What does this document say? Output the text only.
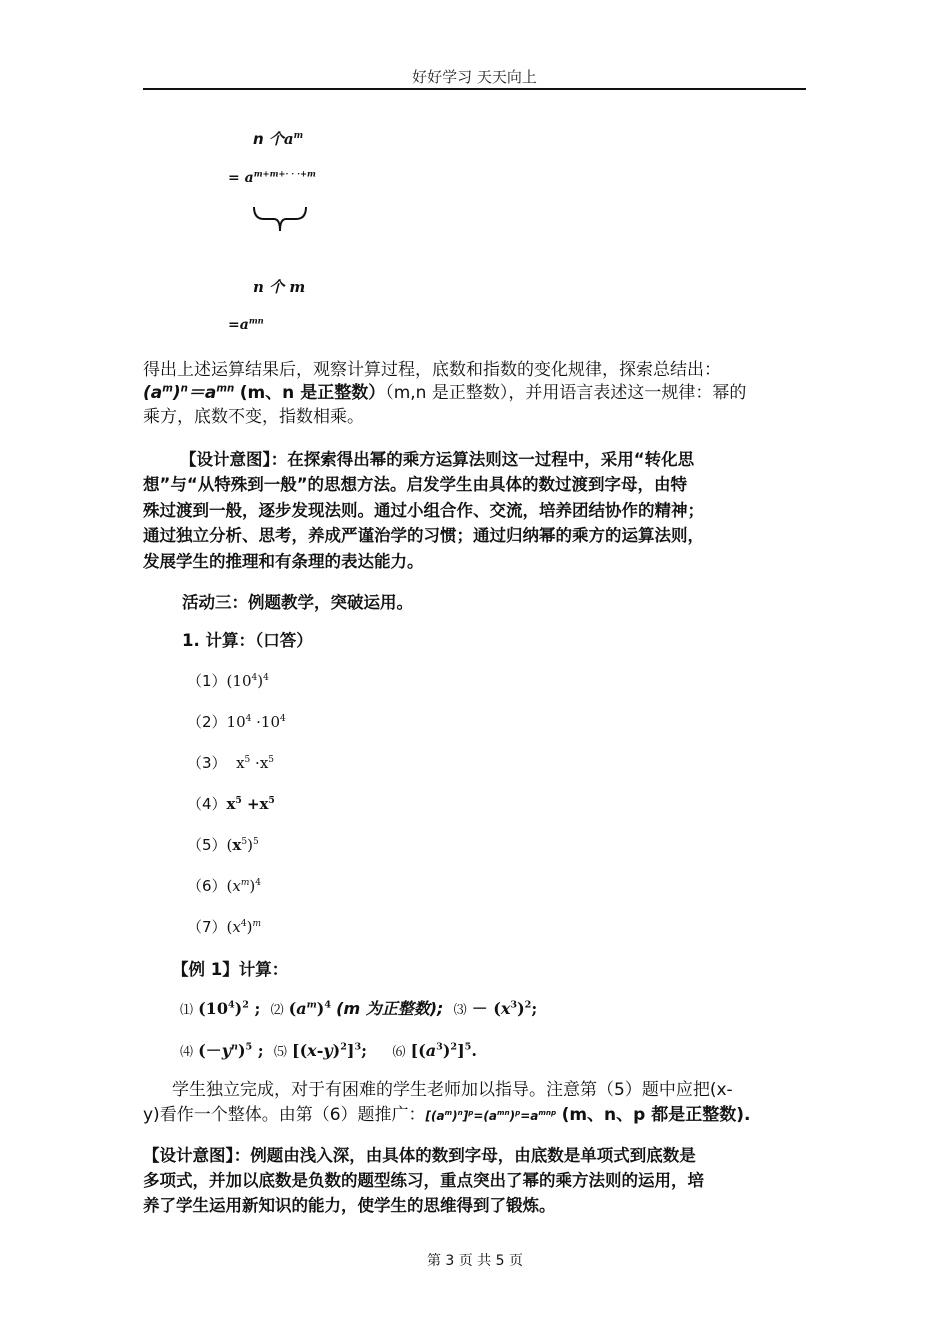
好好学习 天天向上
n 个$a^m$
= $a^{m+m+\cdot \cdot \cdot+m}$
n 个 m
$=a^{mn}$
得出上述运算结果后，观察计算过程，底数和指数的变化规律，探索总结出：
$(a^m)^n=a^{mn}$ (m、n 是正整数）（m,n 是正整数），并用语言表述这一规律：幂的
乘方，底数不变，指数相乘。
【设计意图】：在探索得出幂的乘方运算法则这一过程中，采用“转化思
想”与“从特殊到一般”的思想方法。启发学生由具体的数过渡到字母，由特
殊过渡到一般，逐步发现法则。通过小组合作、交流，培养团结协作的精神；
通过独立分析、思考，养成严谨治学的习惯；通过归纳幂的乘方的运算法则，
发展学生的推理和有条理的表达能力。
活动三：例题教学，突破运用。
1. 计算：（口答）
$(1)(10^4)^4$
$(2)10^4 \cdot 10^4$
（3）  $x^5 \cdot x^5$
$(4)x^5 +x^5$
$(5)(x^5)^5$
$(6)(x^m)^4$
$(7)(x^4)^m$
【例 1】计算：
⑴ $(10^4)^2$ ; ⑵ $(a^m)^4$ (m 为正整数); ⑶ － $(x^3)^2$;
⑷ $(-y^n)^5$ ; ⑸ $[(x-y)^2]^3$; ⑹ $[(a^3)^2]^5$.
学生独立完成，对于有困难的学生老师加以指导。注意第（5）题中应把(x-
y)看作一个整体。由第（6）题推广：$[(a^m)^n]^p=(a^{mn})^p=a^{mnp}$ (m、n、p 都是正整数).
【设计意图】：例题由浅入深，由具体的数到字母，由底数是单项式到底数是
多项式，并加以底数是负数的题型练习，重点突出了幂的乘方法则的运用，培
养了学生运用新知识的能力，使学生的思维得到了锻炼。
第 3 页 共 5 页
